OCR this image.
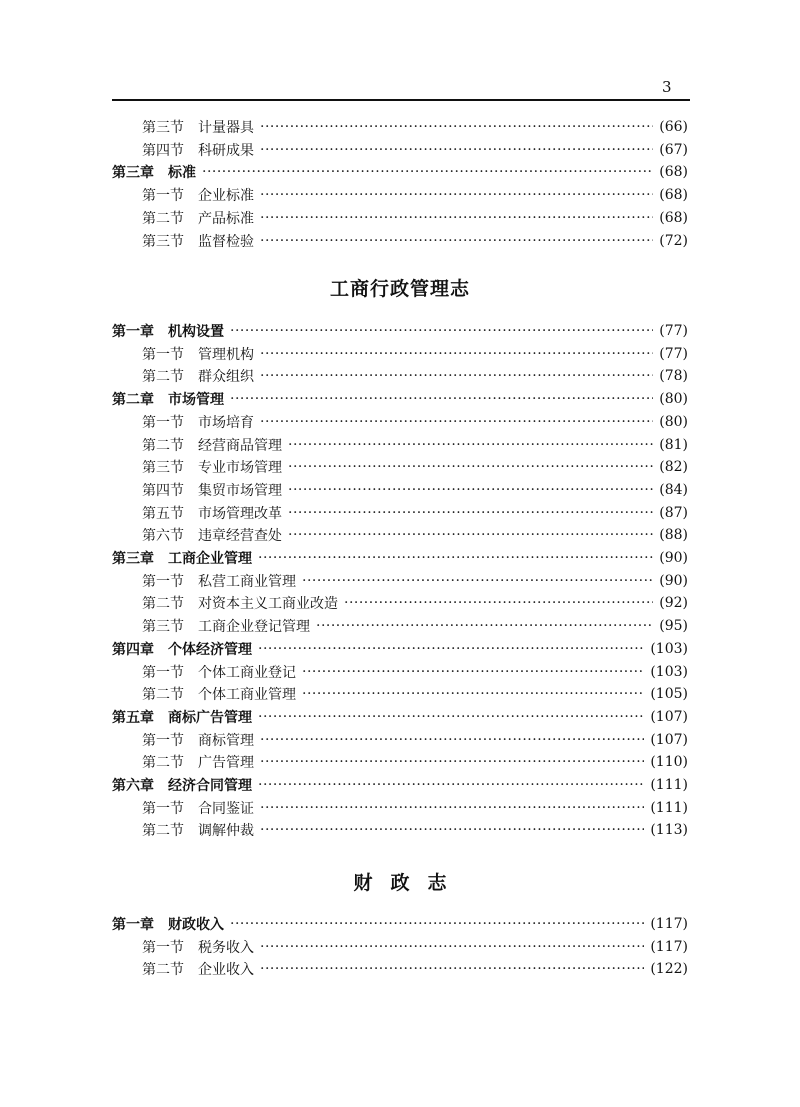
3
第三节 计量器具 ·····	(66)
第四节 科研成果 ·····	(67)
第三章 标准 ·····	(68)
第一节 企业标准 ·····	(68)
第二节 产品标准 ·····	(68)
第三节 监督检验 ·····	(72)
工商行政管理志
第一章 机构设置 ·····	(77)
第一节 管理机构 ·····	(77)
第二节 群众组织 ·····	(78)
第二章 市场管理 ·····	(80)
第一节 市场培育 ·····	(80)
第二节 经营商品管理 ·····	(81)
第三节 专业市场管理 ·····	(82)
第四节 集贸市场管理 ·····	(84)
第五节 市场管理改革 ·····	(87)
第六节 违章经营查处 ·····	(88)
第三章 工商企业管理 ·····	(90)
第一节 私营工商业管理 ·····	(90)
第二节 对资本主义工商业改造 ·····	(92)
第三节 工商企业登记管理 ·····	(95)
第四章 个体经济管理 ·····	(103)
第一节 个体工商业登记 ·····	(103)
第二节 个体工商业管理 ·····	(105)
第五章 商标广告管理 ·····	(107)
第一节 商标管理 ·····	(107)
第二节 广告管理 ·····	(110)
第六章 经济合同管理 ·····	(111)
第一节 合同鉴证 ·····	(111)
第二节 调解仲裁 ·····	(113)
财政志
第一章 财政收入 ·····	(117)
第一节 税务收入 ·····	(117)
第二节 企业收入 ·····	(122)
